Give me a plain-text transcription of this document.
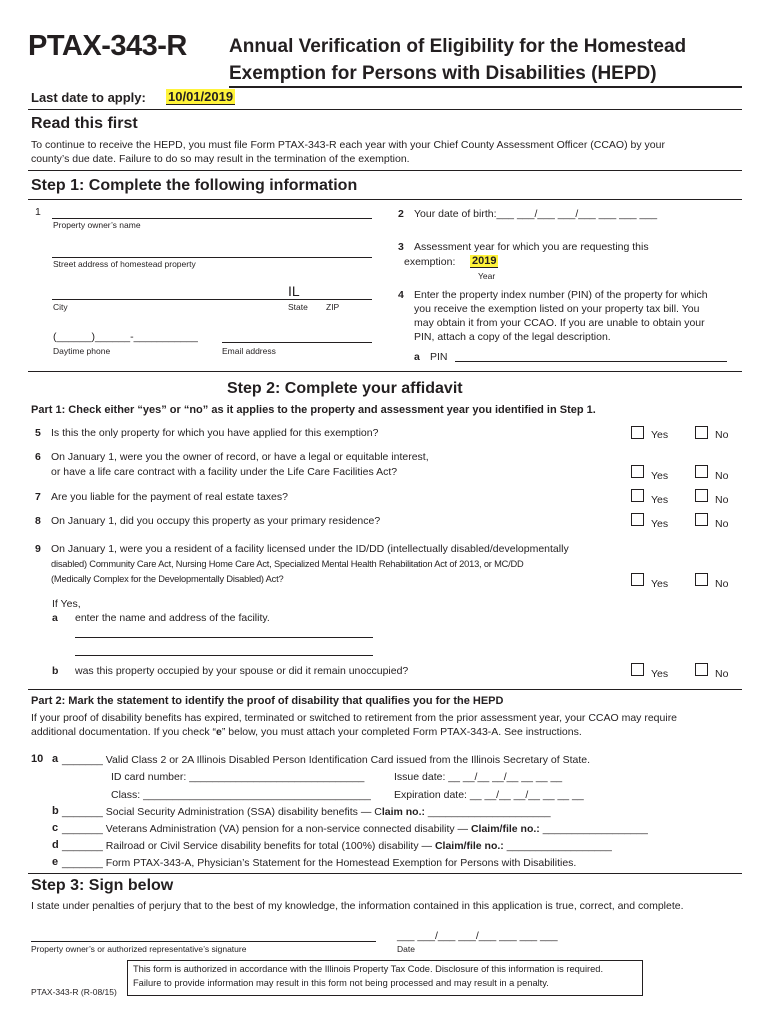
PTAX-343-R Annual Verification of Eligibility for the Homestead
Exemption for Persons with Disabilities (HEPD)
Last date to apply: 10/01/2019
Read this first
To continue to receive the HEPD, you must file Form PTAX-343-R each year with your Chief County Assessment Officer (CCAO) by your
county’s due date. Failure to do so may result in the termination of the exemption.
Step 1: Complete the following information
1
Property owner’s name
Street address of homestead property
IL
City	State ZIP
(______)______-___________
Daytime phone	Email address
2 Your date of birth:___ ___/___ ___/___ ___ ___ ___
3 Assessment year for which you are requesting this
exemption: 2019
Year
4 Enter the property index number (PIN) of the property for which
you receive the exemption listed on your property tax bill. You
may obtain it from your CCAO. If you are unable to obtain your
PIN, attach a copy of the legal description.
a PIN
Step 2: Complete your affidavit
Part 1: Check either “yes” or “no” as it applies to the property and assessment year you identified in Step 1.
5 Is this the only property for which you have applied for this exemption?	Yes	No
6 On January 1, were you the owner of record, or have a legal or equitable interest,
or have a life care contract with a facility under the Life Care Facilities Act?	Yes	No
7 Are you liable for the payment of real estate taxes?	Yes	No
8 On January 1, did you occupy this property as your primary residence?	Yes	No
9 On January 1, were you a resident of a facility licensed under the ID/DD (intellectually disabled/developmentally
disabled) Community Care Act, Nursing Home Care Act, Specialized Mental Health Rehabilitation Act of 2013, or MC/DD
(Medically Complex for the Developmentally Disabled) Act?	Yes	No
If Yes,
a enter the name and address of the facility.
b was this property occupied by your spouse or did it remain unoccupied?	Yes	No
Part 2: Mark the statement to identify the proof of disability that qualifies you for the HEPD
If your proof of disability benefits has expired, terminated or switched to retirement from the prior assessment year, your CCAO may require
additional documentation. If you check “e” below, you must attach your completed Form PTAX-343-A. See instructions.
10 a _______ Valid Class 2 or 2A Illinois Disabled Person Identification Card issued from the Illinois Secretary of State.
ID card number: ______________________________	Issue date: __ __/__ __/__ __ __ __
Class: _______________________________________ Expiration date: __ __/__ __/__ __ __ __
b _______ Social Security Administration (SSA) disability benefits — Claim no.: _____________________
c _______ Veterans Administration (VA) pension for a non-service connected disability — Claim/file no.: __________________
d _______ Railroad or Civil Service disability benefits for total (100%) disability — Claim/file no.: __________________
e _______ Form PTAX-343-A, Physician’s Statement for the Homestead Exemption for Persons with Disabilities.
Step 3: Sign below
I state under penalties of perjury that to the best of my knowledge, the information contained in this application is true, correct, and complete.
Property owner’s or authorized representative’s signature
___ ___/___ ___/___ ___ ___ ___
Date
PTAX-343-R (R-08/15)
This form is authorized in accordance with the Illinois Property Tax Code. Disclosure of this information is required.
Failure to provide information may result in this form not being processed and may result in a penalty.
